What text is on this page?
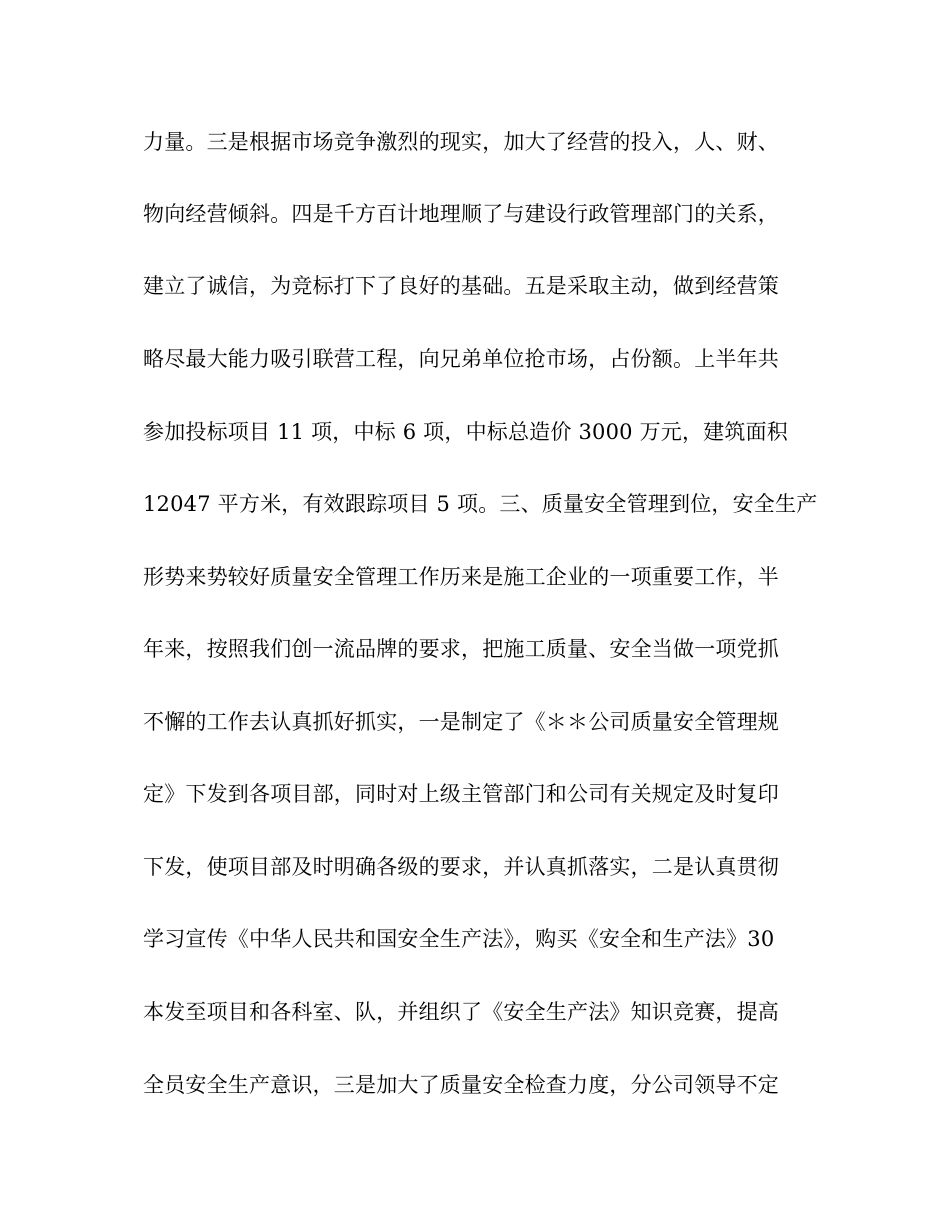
力量。三是根据市场竞争激烈的现实，加大了经营的投入，人、财、
物向经营倾斜。四是千方百计地理顺了与建设行政管理部门的关系，
建立了诚信，为竞标打下了良好的基础。五是采取主动，做到经营策
略尽最大能力吸引联营工程，向兄弟单位抢市场，占份额。上半年共
参加投标项目 11 项，中标 6 项，中标总造价 3000 万元，建筑面积
12047 平方米，有效跟踪项目 5 项。三、质量安全管理到位，安全生产
形势来势较好质量安全管理工作历来是施工企业的一项重要工作，半
年来，按照我们创一流品牌的要求，把施工质量、安全当做一项党抓
不懈的工作去认真抓好抓实，一是制定了《＊＊公司质量安全管理规
定》下发到各项目部，同时对上级主管部门和公司有关规定及时复印
下发，使项目部及时明确各级的要求，并认真抓落实，二是认真贯彻
学习宣传《中华人民共和国安全生产法》，购买《安全和生产法》30
本发至项目和各科室、队，并组织了《安全生产法》知识竞赛，提高
全员安全生产意识，三是加大了质量安全检查力度，分公司领导不定
